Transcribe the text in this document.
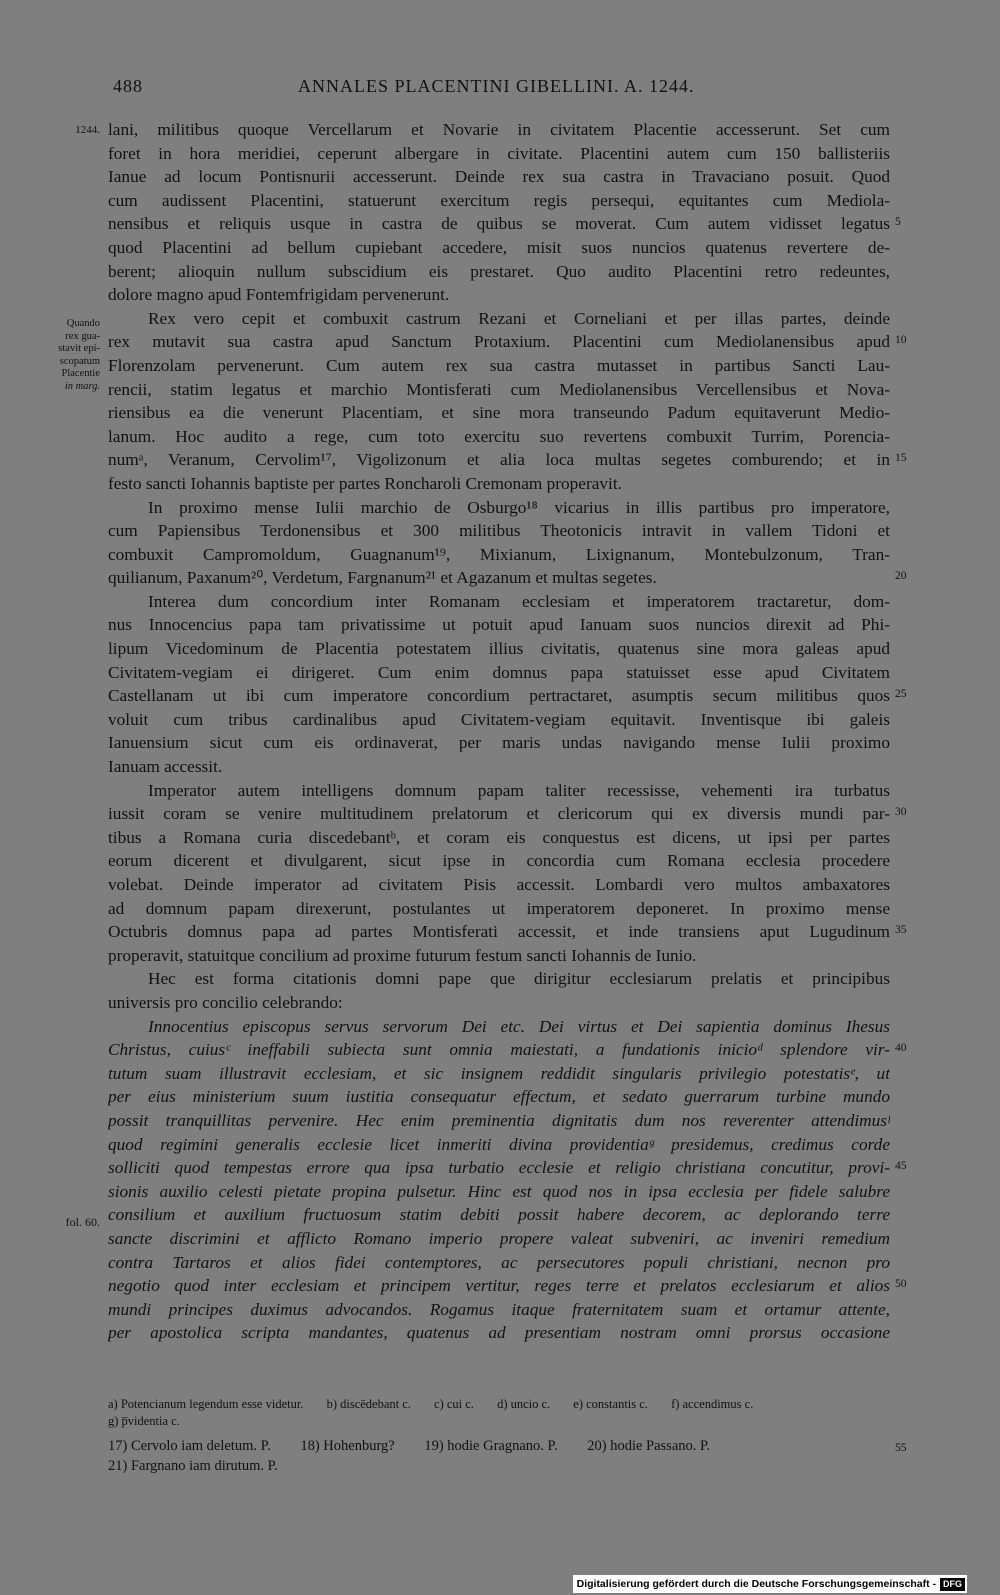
488	ANNALES PLACENTINI GIBELLINI. A. 1244.
1244.
Quando
rex gua-
stavit epi-
scopatum
Placentie
in marg.
fol. 60.
5
10
15
20
25
30
35
40
45
50
55
lani, militibus quoque Vercellarum et Novarie in civitatem Placentie accesserunt. Set cum
foret in hora meridiei, ceperunt albergare in civitate. Placentini autem cum 150 ballisteriis
Ianue ad locum Pontisnurii accesserunt. Deinde rex sua castra in Travaciano posuit. Quod
cum audissent Placentini, statuerunt exercitum regis persequi, equitantes cum Mediola-
nensibus et reliquis usque in castra de quibus se moverat. Cum autem vidisset legatus
quod Placentini ad bellum cupiebant accedere, misit suos nuncios quatenus revertere de-
berent; alioquin nullum subscidium eis prestaret. Quo audito Placentini retro redeuntes,
dolore magno apud Fontemfrigidam pervenerunt.
Rex vero cepit et combuxit castrum Rezani et Corneliani et per illas partes, deinde
rex mutavit sua castra apud Sanctum Protaxium. Placentini cum Mediolanensibus apud
Florenzolam pervenerunt. Cum autem rex sua castra mutasset in partibus Sancti Lau-
rencii, statim legatus et marchio Montisferati cum Mediolanensibus Vercellensibus et Nova-
riensibus ea die venerunt Placentiam, et sine mora transeundo Padum equitaverunt Medio-
lanum. Hoc audito a rege, cum toto exercitu suo revertens combuxit Turrim, Porencia-
numᵃ, Veranum, Cervolim¹⁷, Vigolizonum et alia loca multas segetes comburendo; et in
festo sancti Iohannis baptiste per partes Roncharoli Cremonam properavit.
In proximo mense Iulii marchio de Osburgo¹⁸ vicarius in illis partibus pro imperatore,
cum Papiensibus Terdonensibus et 300 militibus Theotonicis intravit in vallem Tidoni et
combuxit Campromoldum, Guagnanum¹⁹, Mixianum, Lixignanum, Montebulzonum, Tran-
quilianum, Paxanum²⁰, Verdetum, Fargnanum²¹ et Agazanum et multas segetes.
Interea dum concordium inter Romanam ecclesiam et imperatorem tractaretur, dom-
nus Innocencius papa tam privatissime ut potuit apud Ianuam suos nuncios direxit ad Phi-
lipum Vicedominum de Placentia potestatem illius civitatis, quatenus sine mora galeas apud
Civitatem-vegiam ei dirigeret. Cum enim domnus papa statuisset esse apud Civitatem
Castellanam ut ibi cum imperatore concordium pertractaret, asumptis secum militibus quos
voluit cum tribus cardinalibus apud Civitatem-vegiam equitavit. Inventisque ibi galeis
Ianuensium sicut cum eis ordinaverat, per maris undas navigando mense Iulii proximo
Ianuam accessit.
Imperator autem intelligens domnum papam taliter recessisse, vehementi ira turbatus
iussit coram se venire multitudinem prelatorum et clericorum qui ex diversis mundi par-
tibus a Romana curia discedebantᵇ, et coram eis conquestus est dicens, ut ipsi per partes
eorum dicerent et divulgarent, sicut ipse in concordia cum Romana ecclesia procedere
volebat. Deinde imperator ad civitatem Pisis accessit. Lombardi vero multos ambaxatores
ad domnum papam direxerunt, postulantes ut imperatorem deponeret. In proximo mense
Octubris domnus papa ad partes Montisferati accessit, et inde transiens aput Lugudinum
properavit, statuitque concilium ad proxime futurum festum sancti Iohannis de Iunio.
Hec est forma citationis domni pape que dirigitur ecclesiarum prelatis et principibus
universis pro concilio celebrando:
Innocentius episcopus servus servorum Dei etc. Dei virtus et Dei sapientia dominus Ihesus
Christus, cuiusᶜ ineffabili subiecta sunt omnia maiestati, a fundationis inicioᵈ splendore vir-
tutum suam illustravit ecclesiam, et sic insignem reddidit singularis privilegio potestatisᵉ, ut
per eius ministerium suum iustitia consequatur effectum, et sedato guerrarum turbine mundo
possit tranquillitas pervenire. Hec enim preminentia dignitatis dum nos reverenter attendimusᶠ
quod regimini generalis ecclesie licet inmeriti divina providentiaᵍ presidemus, credimus corde
solliciti quod tempestas errore qua ipsa turbatio ecclesie et religio christiana concutitur, provi-
sionis auxilio celesti pietate propina pulsetur. Hinc est quod nos in ipsa ecclesia per fidele salubre
consilium et auxilium fructuosum statim debiti possit habere decorem, ac deplorando terre
sancte discrimini et afflicto Romano imperio propere valeat subveniri, ac inveniri remedium
contra Tartaros et alios fidei contemptores, ac persecutores populi christiani, necnon pro
negotio quod inter ecclesiam et principem vertitur, reges terre et prelatos ecclesiarum et alios
mundi principes duximus advocandos. Rogamus itaque fraternitatem suam et ortamur attente,
per apostolica scripta mandantes, quatenus ad presentiam nostram omni prorsus occasione
a) Potencianum legendum esse videtur. b) discēdebant c. c) cui c. d) uncio c. e) constantis c. f) accendimus c.
g) p̅videntia c.
17) Cervolo iam deletum. P. 18) Hohenburg? 19) hodie Gragnano. P. 20) hodie Passano. P.
21) Fargnano iam dirutum. P.
Digitalisierung gefördert durch die Deutsche Forschungsgemeinschaft - DFG
